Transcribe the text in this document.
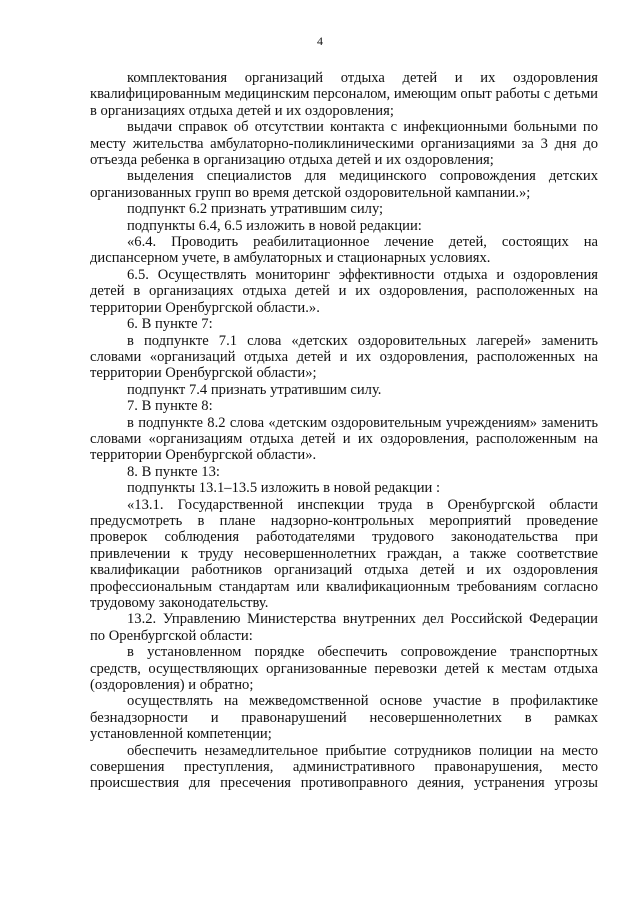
4

комплектования организаций отдыха детей и их оздоровления квалифицированным медицинским персоналом, имеющим опыт работы с детьми в организациях отдыха детей и их оздоровления;

выдачи справок об отсутствии контакта с инфекционными больными по месту жительства амбулаторно-поликлиническими организациями за 3 дня до отъезда ребенка в организацию отдыха детей и их оздоровления;

выделения специалистов для медицинского сопровождения детских организованных групп во время детской оздоровительной кампании.»;

подпункт 6.2 признать утратившим силу;

подпункты 6.4, 6.5 изложить в новой редакции:

«6.4. Проводить реабилитационное лечение детей, состоящих на диспансерном учете, в амбулаторных и стационарных условиях.

6.5. Осуществлять мониторинг эффективности отдыха и оздоровления детей в организациях отдыха детей и их оздоровления, расположенных на территории Оренбургской области.».

6. В пункте 7:

в подпункте 7.1 слова «детских оздоровительных лагерей» заменить словами «организаций отдыха детей и их оздоровления, расположенных на территории Оренбургской области»;

подпункт 7.4 признать утратившим силу.

7. В пункте 8:

в подпункте 8.2 слова «детским оздоровительным учреждениям» заменить словами «организациям отдыха детей и их оздоровления, расположенным на территории Оренбургской области».

8. В пункте 13:

подпункты 13.1–13.5 изложить в новой редакции :

«13.1. Государственной инспекции труда в Оренбургской области предусмотреть в плане надзорно-контрольных мероприятий проведение проверок соблюдения работодателями трудового законодательства при привлечении к труду несовершеннолетних граждан, а также соответствие квалификации работников организаций отдыха детей и их оздоровления профессиональным стандартам или квалификационным требованиям согласно трудовому законодательству.

13.2. Управлению Министерства внутренних дел Российской Федерации по Оренбургской области:

в установленном порядке обеспечить сопровождение транспортных средств, осуществляющих организованные перевозки детей к местам отдыха (оздоровления) и обратно;

осуществлять на межведомственной основе участие в профилактике безнадзорности и правонарушений несовершеннолетних в рамках установленной компетенции;

обеспечить незамедлительное прибытие сотрудников полиции на место совершения преступления, административного правонарушения, место происшествия для пресечения противоправного деяния, устранения угрозы
